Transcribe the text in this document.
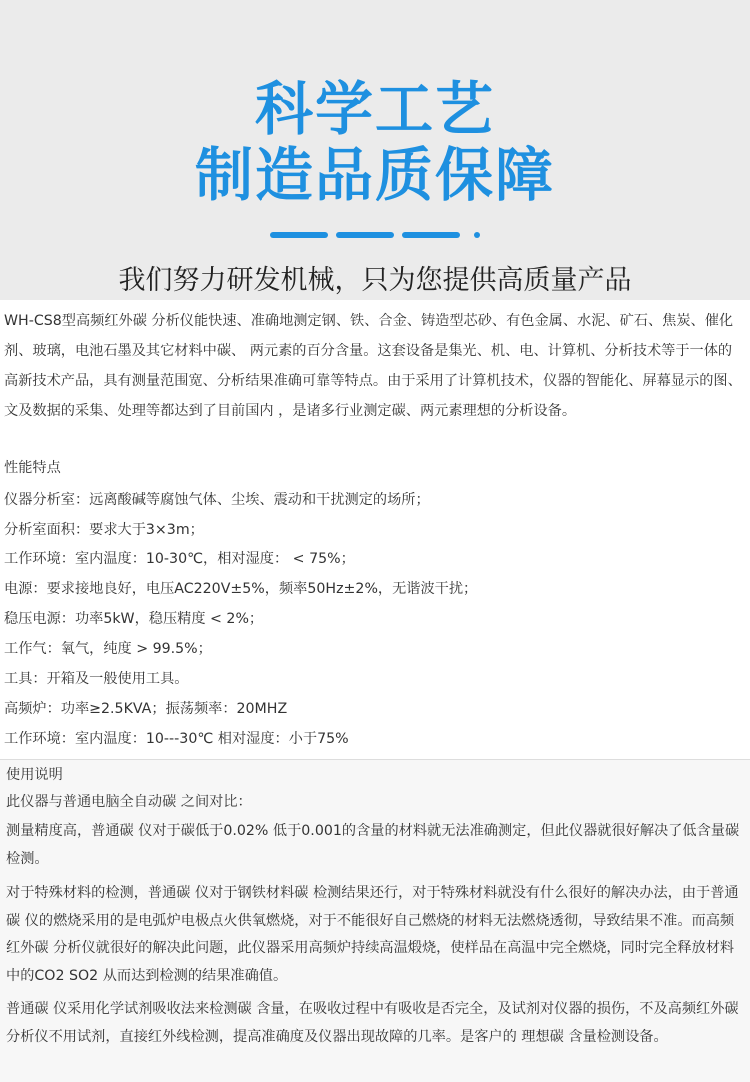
科学工艺
制造品质保障
我们努力研发机械，只为您提供高质量产品
WH-CS8型高频红外碳 分析仪能快速、准确地测定钢、铁、合金、铸造型芯砂、有色金属、水泥、矿石、焦炭、催化剂、玻璃，电池石墨及其它材料中碳、 两元素的百分含量。这套设备是集光、机、电、计算机、分析技术等于一体的高新技术产品，具有测量范围宽、分析结果准确可靠等特点。由于采用了计算机技术，仪器的智能化、屏幕显示的图、文及数据的采集、处理等都达到了目前国内 ，是诸多行业测定碳、两元素理想的分析设备。
性能特点
仪器分析室：远离酸碱等腐蚀气体、尘埃、震动和干扰测定的场所；
分析室面积：要求大于3×3m；
工作环境：室内温度：10-30℃，相对湿度： < 75%；
电源：要求接地良好，电压AC220V±5%，频率50Hz±2%，无谐波干扰；
稳压电源：功率5kW，稳压精度 < 2%；
工作气：氧气，纯度 > 99.5%；
工具：开箱及一般使用工具。
高频炉：功率≥2.5KVA；振荡频率：20MHZ
工作环境：室内温度：10---30℃ 相对湿度：小于75%
使用说明
此仪器与普通电脑全自动碳 之间对比：
测量精度高，普通碳 仪对于碳低于0.02% 低于0.001的含量的材料就无法准确测定，但此仪器就很好解决了低含量碳 检测。
对于特殊材料的检测，普通碳 仪对于钢铁材料碳 检测结果还行，对于特殊材料就没有什么很好的解决办法，由于普通碳 仪的燃烧采用的是电弧炉电极点火供氧燃烧，对于不能很好自己燃烧的材料无法燃烧透彻，导致结果不准。而高频红外碳 分析仪就很好的解决此问题，此仪器采用高频炉持续高温煅烧，使样品在高温中完全燃烧，同时完全释放材料中的CO2 SO2 从而达到检测的结果准确值。
普通碳 仪采用化学试剂吸收法来检测碳 含量，在吸收过程中有吸收是否完全，及试剂对仪器的损伤，不及高频红外碳 分析仪不用试剂，直接红外线检测，提高准确度及仪器出现故障的几率。是客户的 理想碳 含量检测设备。
